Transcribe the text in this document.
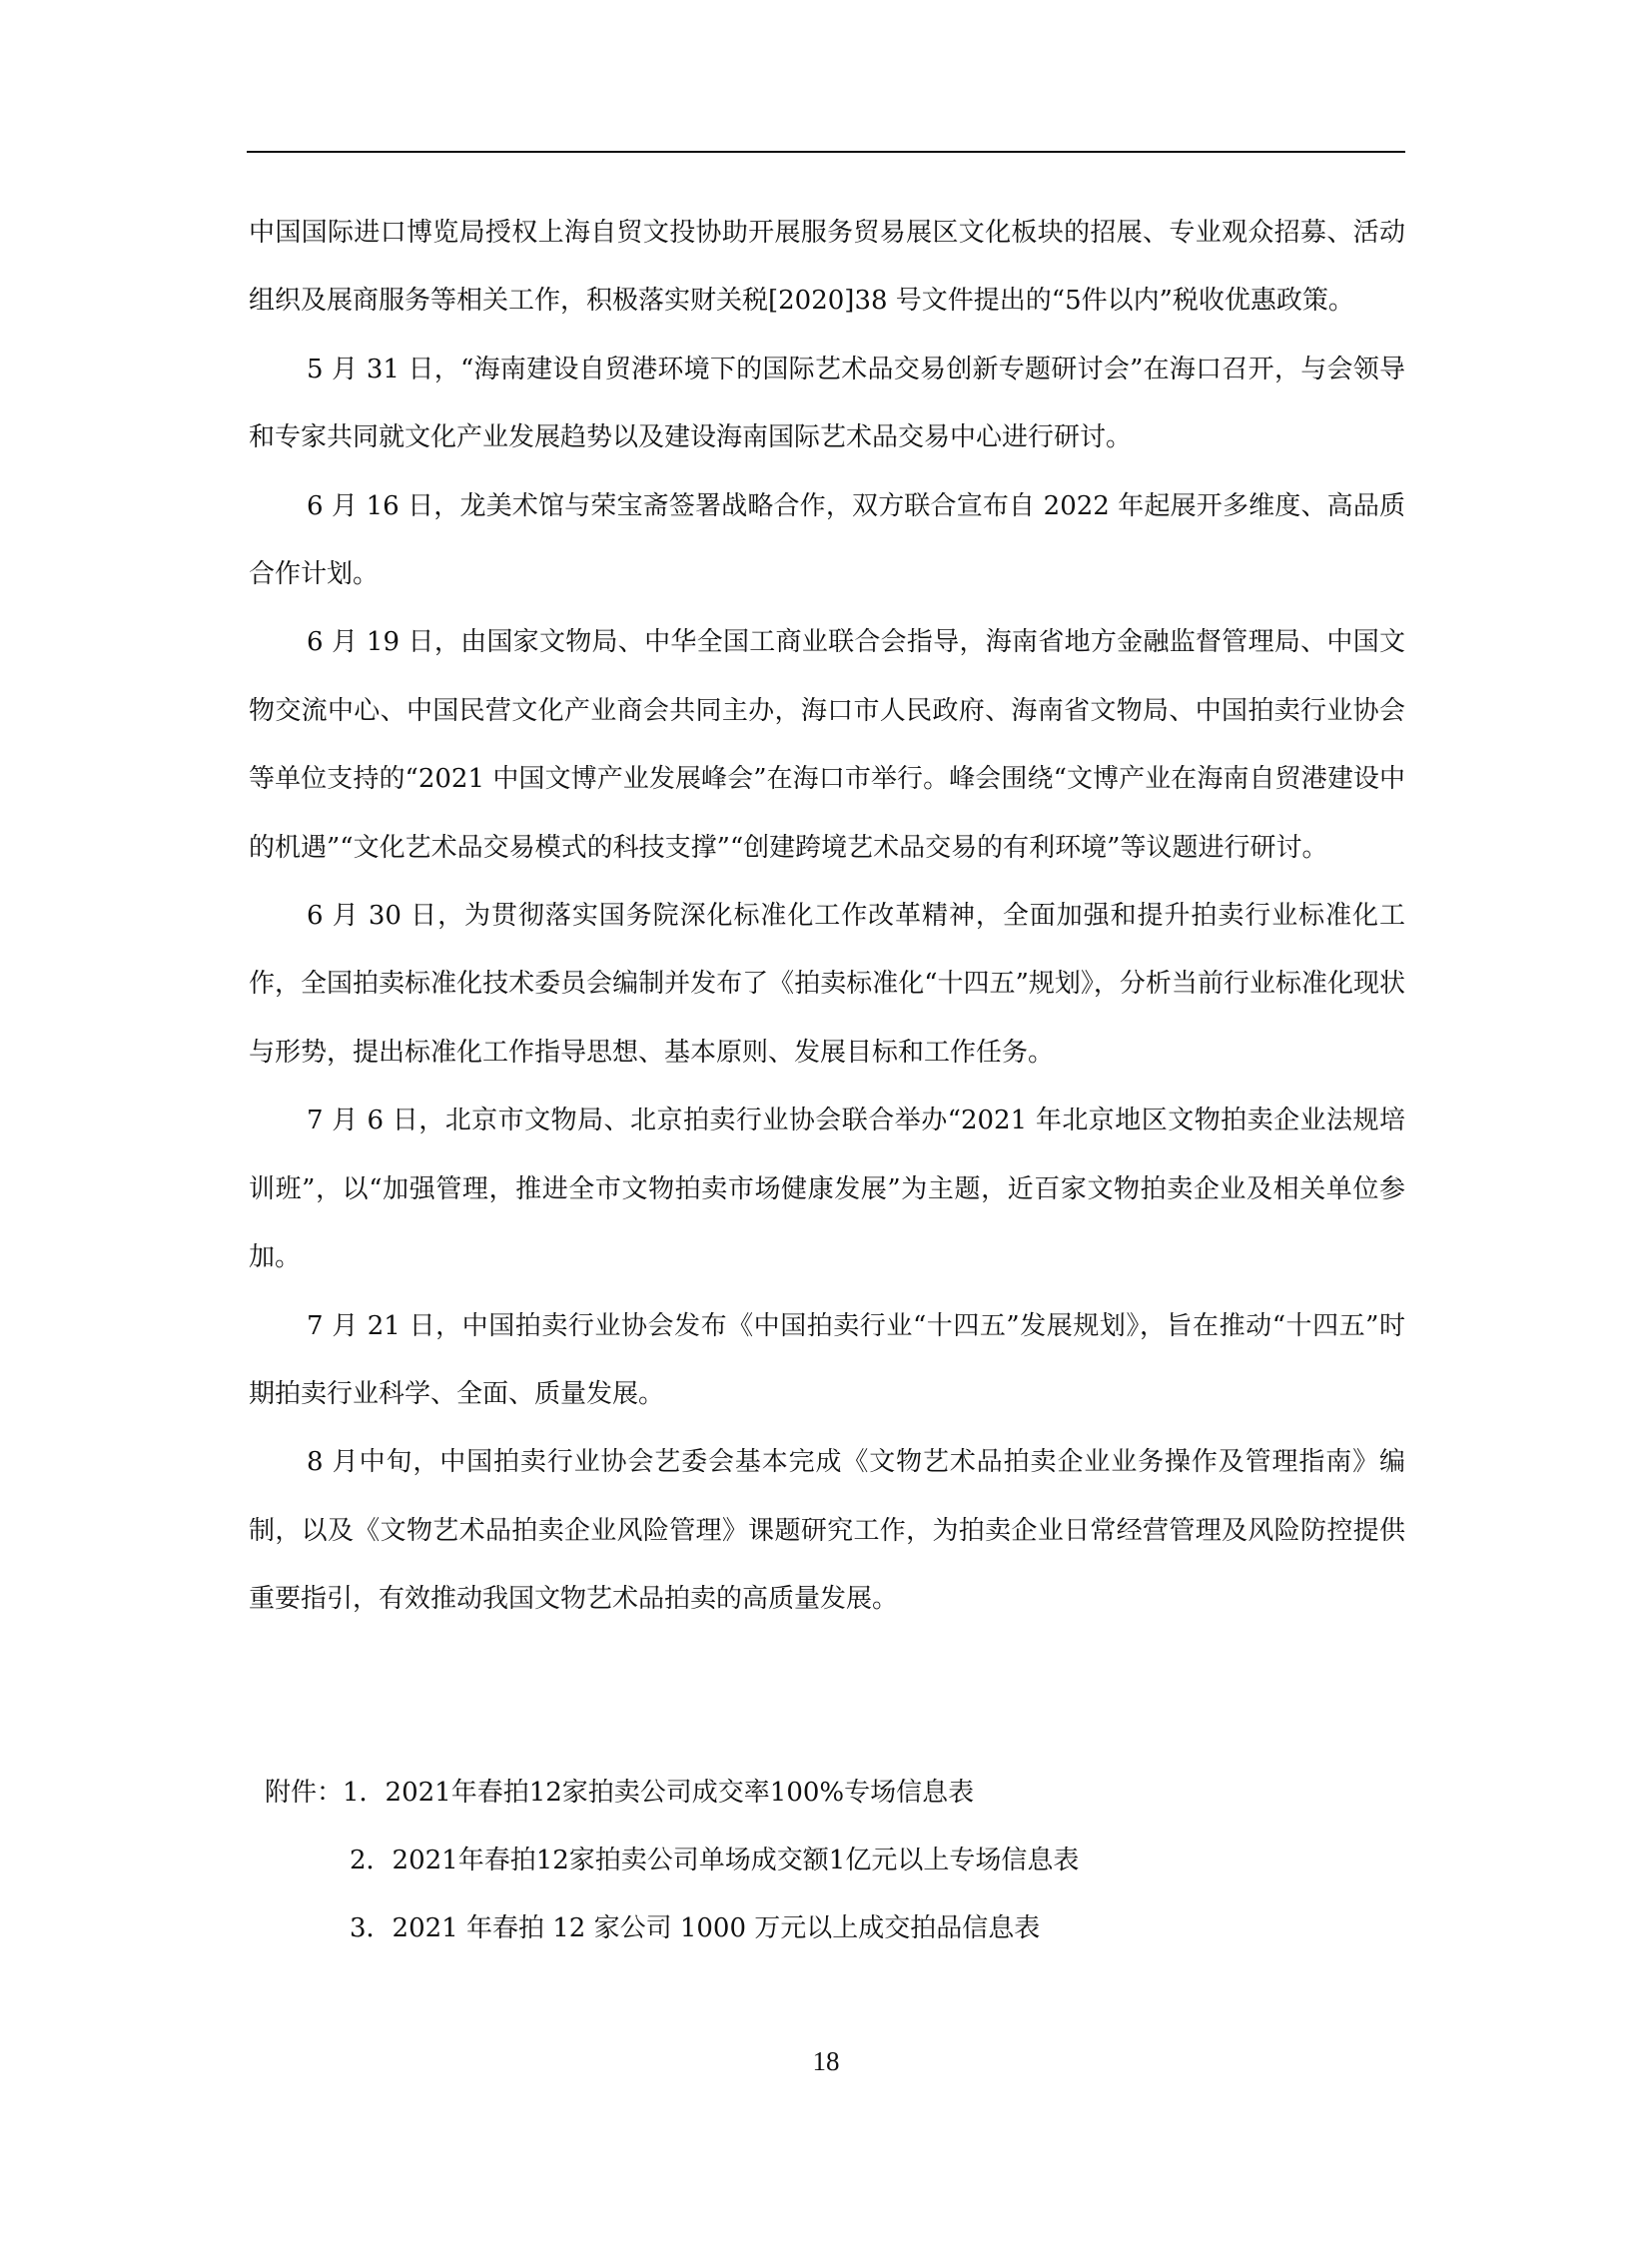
中国国际进口博览局授权上海自贸文投协助开展服务贸易展区文化板块的招展、专业观众招募、活动组织及展商服务等相关工作，积极落实财关税[2020]38 号文件提出的“5件以内”税收优惠政策。

5 月 31 日，“海南建设自贸港环境下的国际艺术品交易创新专题研讨会”在海口召开，与会领导和专家共同就文化产业发展趋势以及建设海南国际艺术品交易中心进行研讨。

6 月 16 日，龙美术馆与荣宝斋签署战略合作，双方联合宣布自 2022 年起展开多维度、高品质合作计划。

6 月 19 日，由国家文物局、中华全国工商业联合会指导，海南省地方金融监督管理局、中国文物交流中心、中国民营文化产业商会共同主办，海口市人民政府、海南省文物局、中国拍卖行业协会等单位支持的“2021 中国文博产业发展峰会”在海口市举行。峰会围绕“文博产业在海南自贸港建设中的机遇”“文化艺术品交易模式的科技支撑”“创建跨境艺术品交易的有利环境”等议题进行研讨。

6 月 30 日，为贯彻落实国务院深化标准化工作改革精神，全面加强和提升拍卖行业标准化工作，全国拍卖标准化技术委员会编制并发布了《拍卖标准化“十四五”规划》，分析当前行业标准化现状与形势，提出标准化工作指导思想、基本原则、发展目标和工作任务。

7 月 6 日，北京市文物局、北京拍卖行业协会联合举办“2021 年北京地区文物拍卖企业法规培训班”，以“加强管理，推进全市文物拍卖市场健康发展”为主题，近百家文物拍卖企业及相关单位参加。

7 月 21 日，中国拍卖行业协会发布《中国拍卖行业“十四五”发展规划》，旨在推动“十四五”时期拍卖行业科学、全面、质量发展。

8 月中旬，中国拍卖行业协会艺委会基本完成《文物艺术品拍卖企业业务操作及管理指南》编制，以及《文物艺术品拍卖企业风险管理》课题研究工作，为拍卖企业日常经营管理及风险防控提供重要指引，有效推动我国文物艺术品拍卖的高质量发展。

附件：1．2021年春拍12家拍卖公司成交率100%专场信息表

2．2021年春拍12家拍卖公司单场成交额1亿元以上专场信息表

3．2021 年春拍 12 家公司 1000 万元以上成交拍品信息表

18
